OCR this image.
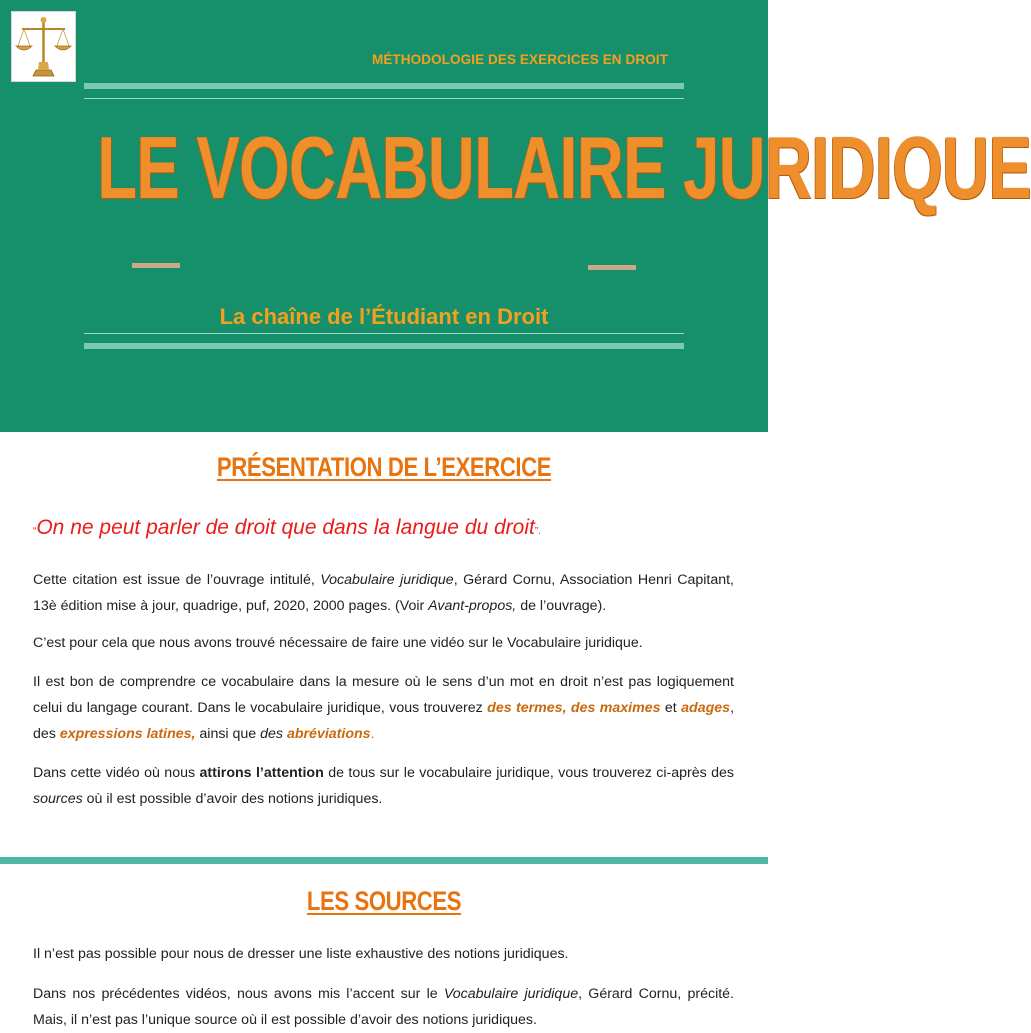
MÉTHODOLOGIE DES EXERCICES EN DROIT
LE VOCABULAIRE JURIDIQUE
La chaîne de l’Étudiant en Droit
PRÉSENTATION DE L’EXERCICE
“On ne peut parler de droit que dans la langue du droit”.
Cette citation est issue de l’ouvrage intitulé, Vocabulaire juridique, Gérard Cornu, Association Henri Capitant, 13è édition mise à jour, quadrige, puf, 2020, 2000 pages. (Voir Avant-propos, de l’ouvrage).
C’est pour cela que nous avons trouvé nécessaire de faire une vidéo sur le Vocabulaire juridique.
Il est bon de comprendre ce vocabulaire dans la mesure où le sens d’un mot en droit n’est pas logiquement celui du langage courant. Dans le vocabulaire juridique, vous trouverez des termes, des maximes et adages, des expressions latines, ainsi que des abréviations.
Dans cette vidéo où nous attirons l’attention de tous sur le vocabulaire juridique, vous trouverez ci-après des sources où il est possible d’avoir des notions juridiques.
LES SOURCES
Il n’est pas possible pour nous de dresser une liste exhaustive des notions juridiques.
Dans nos précédentes vidéos, nous avons mis l’accent sur le Vocabulaire juridique, Gérard Cornu, précité. Mais, il n’est pas l’unique source où il est possible d’avoir des notions juridiques.
